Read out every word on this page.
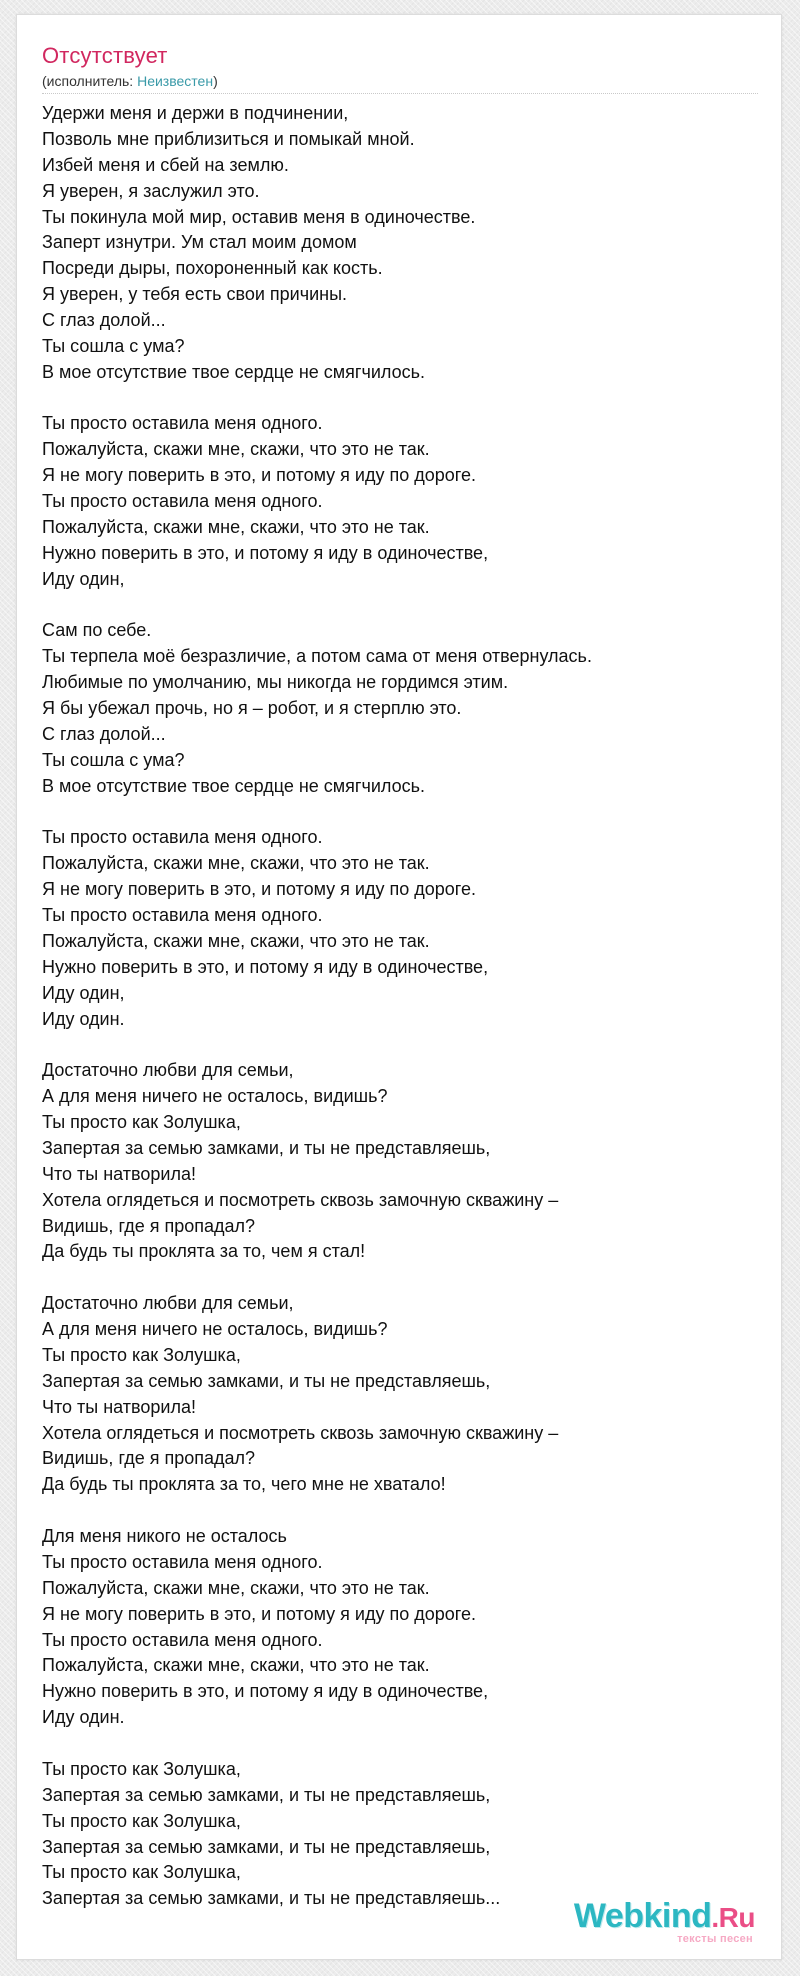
Отсутствует
(исполнитель: Неизвестен)
Удержи меня и держи в подчинении,
Позволь мне приблизиться и помыкай мной.
Избей меня и сбей на землю.
Я уверен, я заслужил это.
Ты покинула мой мир, оставив меня в одиночестве.
Заперт изнутри. Ум стал моим домом
Посреди дыры, похороненный как кость.
Я уверен, у тебя есть свои причины.
С глаз долой...
Ты сошла с ума?
В мое отсутствие твое сердце не смягчилось.
Ты просто оставила меня одного.
Пожалуйста, скажи мне, скажи, что это не так.
Я не могу поверить в это, и потому я иду по дороге.
Ты просто оставила меня одного.
Пожалуйста, скажи мне, скажи, что это не так.
Нужно поверить в это, и потому я иду в одиночестве,
Иду один,
Сам по себе.
Ты терпела моё безразличие, а потом сама от меня отвернулась.
Любимые по умолчанию, мы никогда не гордимся этим.
Я бы убежал прочь, но я – робот, и я стерплю это.
С глаз долой...
Ты сошла с ума?
В мое отсутствие твое сердце не смягчилось.
Ты просто оставила меня одного.
Пожалуйста, скажи мне, скажи, что это не так.
Я не могу поверить в это, и потому я иду по дороге.
Ты просто оставила меня одного.
Пожалуйста, скажи мне, скажи, что это не так.
Нужно поверить в это, и потому я иду в одиночестве,
Иду один,
Иду один.
Достаточно любви для семьи,
А для меня ничего не осталось, видишь?
Ты просто как Золушка,
Запертая за семью замками, и ты не представляешь,
Что ты натворила!
Хотела оглядеться и посмотреть сквозь замочную скважину –
Видишь, где я пропадал?
Да будь ты проклята за то, чем я стал!
Достаточно любви для семьи,
А для меня ничего не осталось, видишь?
Ты просто как Золушка,
Запертая за семью замками, и ты не представляешь,
Что ты натворила!
Хотела оглядеться и посмотреть сквозь замочную скважину –
Видишь, где я пропадал?
Да будь ты проклята за то, чего мне не хватало!
Для меня никого не осталось
Ты просто оставила меня одного.
Пожалуйста, скажи мне, скажи, что это не так.
Я не могу поверить в это, и потому я иду по дороге.
Ты просто оставила меня одного.
Пожалуйста, скажи мне, скажи, что это не так.
Нужно поверить в это, и потому я иду в одиночестве,
Иду один.
Ты просто как Золушка,
Запертая за семью замками, и ты не представляешь,
Ты просто как Золушка,
Запертая за семью замками, и ты не представляешь,
Ты просто как Золушка,
Запертая за семью замками, и ты не представляешь...	Webkind.Ru
тексты песен
